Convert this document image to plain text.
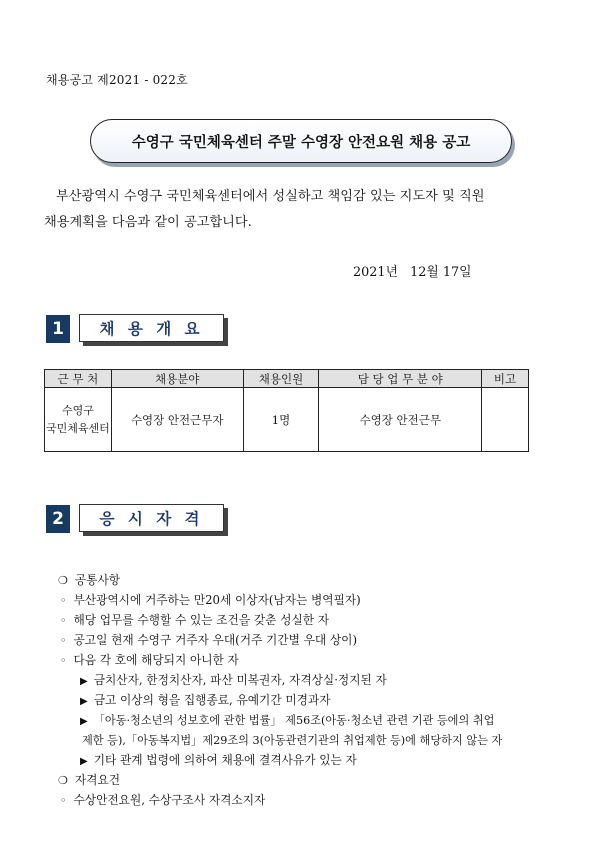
채용공고 제2021 - 022호
수영구 국민체육센터 주말 수영장 안전요원 채용 공고
부산광역시 수영구 국민체육센터에서 성실하고 책임감 있는 지도자 및 직원
채용계획을 다음과 같이 공고합니다.
2021년   12월 17일
1	채 용 개 요
근 무 처	채용분야	채용인원	담 당 업 무 분 야	비고

수영구
국민체육센터	수영장 안전근무자	1명	수영장 안전근무	
2	응 시 자 격
❍ 공통사항
◦ 부산광역시에 거주하는 만20세 이상자(남자는 병역필자)
◦ 해당 업무를 수행할 수 있는 조건을 갖춘 성실한 자
◦ 공고일 현재 수영구 거주자 우대(거주 기간별 우대 상이)
◦ 다음 각 호에 해당되지 아니한 자
▶ 금치산자, 한정치산자, 파산 미복권자, 자격상실·정지된 자
▶ 금고 이상의 형을 집행종료, 유예기간 미경과자
▶ 「아동·청소년의 성보호에 관한 법률」 제56조(아동·청소년 관련 기관 등에의 취업
제한 등),「아동복지법」제29조의 3(아동관련기관의 취업제한 등)에 해당하지 않는 자
▶ 기타 관계 법령에 의하여 채용에 결격사유가 있는 자
❍ 자격요건
◦ 수상안전요원, 수상구조사 자격소지자
